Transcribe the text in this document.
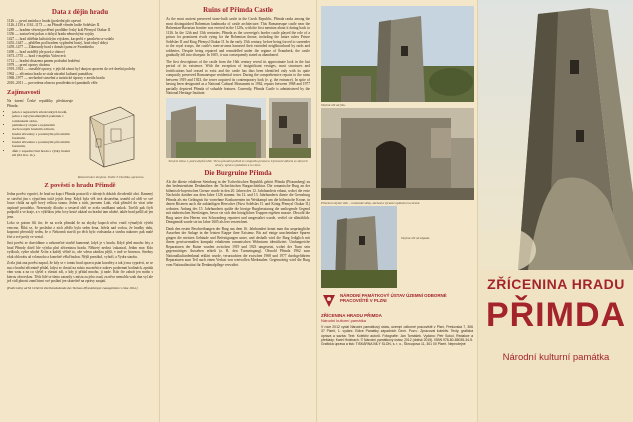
Data z dějin hradu
1126 — první zmínka o hradu (poslední přo opevní
1126–1130 a 1161–1173 — na Přimdě vězněn kníže Soběslav II.
1289 — hradem vězení pověření prodlůbe český král Přemysl Otakar II.
1356 — zastavčení pokus o dobytí hradu německými vojsky
1427 — hrad obléhán kalistickým vojskem, kacperlů v panském se vzdalo
1435–1447 — přidělen pod hradem vyplenění hustý, hrad obsyl dobyt
1459–1477 — Zikmundy hrad s domácí panu ze Švamberka
1490 — hrad uvádělý jde pozů z obnoví
1673–1755 — hrad v majetku Valovcerů
1712 — hradní obsazena panem podružní hraběmi
1979 — první opravy chrámu
1919–1923 — rozsáhlé opravy, v jejichž rámci byl dunjon opraven do své dnešní podoby
1962 — zřícenina hradu se stala národní kulturní památkou
1968–1977 — nevhodné stavební a turistické úpravy v areálu hradu
2010–2011 — provedena obnova prostřednictví památník věže
Zajímavosti

Na území České republiky představuje Přimda:

• jeden z nejstarších středověkých hradů,
• jednu z nejvýznamnějších památek v románském slohu,
• památkový objekt s nejstarším dochovaným hradním zdivem,
• hradní zříceniny s postatnými původními fasádami.
• hradní zříceninu s postatnými původními fasádami,
• dům v západní části hradu s výšky hradní zdi (84 m n. m.).

Rekonstrukce donjonu. Podle T. Durdíka, upraveno.

Z pověstí o hradu Přimdě

Jedna pověst vypráví, že hrad na kopci Přimda postavili v dávných dobách divoženští obri. Kamený se stavění jim s výpočtem totiž jejich ženy. Když byla věž tvrá dostavěna, usměd od obří ve své louce chtíla na zpět bový velkou strana. Jeden z nich, jmenem Luki, však přimčel do vírai sebe uspírasě proudeko. Nezestraly dlouho a sestavil obří se zcela smiřkami unkok. Tavčili pak čtyři podpalil a ve kraje, a v výkřikou jeho lovy kruté ukázal na hradní tam ubohé, takže hrad pašlil až jen jena.

Loko se potom čtlí tírr, že na zcela přimdal že na zbytky kupoch něco vratil výmalých výtehi vencrsn. Říká se, že posledni z nich zřídlo byla sedm žena, ležela nad vodou, že hradby rádu, koponní přerosklý sedm, že o Nekonnů stavili po těch bylo vodstanka a stavbu nakonec pak malé živí a své posly ve vestal.

Jiná pověst se dozvídáme o nekonečné stavbě kamenné, když je v hradu, Když před mnoho lety a hrad Přimdy dávil hle výtrku plní zříceninou hradu. Některý nedost 'zakastral, Jedim moc Kdo vydlouh, vydre ubohé Xvíte a každý věčně to, ože vdesn zámkru pější, v tmě se bravnou. Strežny však oblovátu až vd mnoho a konečně věkd budon. Nější prezákol, vyhoří, a Vydra starátu.

Zcela jiná zna pověst napsal, že kdy se v tomto hrad opravu psán kavaléry a tak ji mu vyprávit, ze se mu o hradní zřícenině přidal, kdysi se dostal na místo mu měsíce zakrev podzemní hodinách, zpráda vám vzau a na co slyšel z vlastní zdí, o kdy jí přidal mnoho, ji nade. Kdo čte zahrát jen moho s kterou obrovskou. Těch lidé se tímto zarazily s místa za jeho osud, za něco nemohla vzah dan vyl ale jež vidí plnosti zamčícimi své poslání jen skutečně na zprávy zaujatí.

(Podle knihy od M. Uehlerst Zarthenedabonde des Tschaus-Pfraumberger-Gauzgebietes v roku 1924.)

Ruins of Přimda Castle

As the most ancient preserved stone-built castle in the Czech Republic, Přimda ranks among the most distinguished Bohemian landmarks of castle architecture. This Romanesque castle near the Bohemian-Bavarian frontier was erected in the 1120s, with the first mention about it dating back to 1126. In the 12th and 13th centuries, Přimda as the sovereign's border castle played the role of a prison for prominent rivals vying for the Bohemian throne, including the future rulers Prince Soběslav II and King Přemysl Otakar II. In the early 15th century, before being forced to surrender to the royal troops, the castle's men-at-arms harassed their extended neighbourhood by raids and robberies. Despite being repaired and remodelled under the regime of Švamberk, the castle gradually fell into disrepair. In 1605, it was consequently stated as abandoned.

The first descriptions of the castle from the 16th century reveal its approximate look in the last period of its existence. With the exception of insignificant vestiges, most structures and fortifications had ceased to exist and the castle has thus been identified only with its quite compactly preserved Romanesque residential tower. During the comprehensive repairs to the ruins between 1919 and 1923, the tower acquired its contemporary look (e. g. the entrance). In spite of having been designated as a National Cultural Monument in 1962, repairs between 1968 and 1977 partially deprived Přimda of valuable features. Currently, Přimda Castle is administered by the National Heritage Institute.

Severní stěna 1. patra zbytků věže. Vlevo původní pohled ze vstupního prostoru. Upravené zdivem se zároveň otvory, vpravo vyzdobení a to vlevo.

Die Burgruine Přimda

Als die älteste erhaltene Steinburg in der Tschechischen Republik gehört Přimda (Pfraumberg) zu den bedeutendsten Denkmälern der Tschechischen Burgarchitektur. Die romanische Burg an der böhmisch-bayerischen Grenze wurde in den 20. Jahren des 12. Jahrhunderts erbaut, wobei die erste Nachricht darüber aus dem Jahre 1126 stammt. Im 12. und 13. Jahrhunderts diente die Grenzburg Přimda als ein Gefängnis für vornehme Konkurrenten im Wettkampf um die böhmische Krone, in denen Bisieren auch die zukünftigen Herrscher (Fürst Soběslav II. und König Přemysl Otakar II.) wohnten. Anfang des 15. Jahrhunderts quälte die hiesige Burgbesatzung die umliegende Gegend mit räuberischen Streifzügen, bevor sie sich den königlichen Truppen ergeben musste. Obwohl die Burg unter den Herren von Schwanberg repariert und umgestaltet wurde, verfiel sie allmählich. Demgemäß wurde sie im Jahre 1605 als leer verzeichnet.

Dank den ersten Beschreibungen der Burg aus dem 16. Jahrhundert kennt man das ursprüngliche Aussehen der Anlage in der letzten Etappe ihrer Existenz. Bis auf einige unscheinbare Spuren gingen die meisten Gebäude und Befestigungen unter, und deshalb wird die Burg lediglich mit ihrem gewissermaßen kompakt erhaltenen romanischen Wohnturm identifiziert. Umfangreiche Reparaturen der Ruine wurden zwischen 1919 und 1923 umgesetzt, wobei der Turm sein gegenwärtiges Aussehen erhielt (z. B. den Turmeingang). Obwohl Přimda 1962 zum Nationalkulturdenkmal erklärt wurde, verursachten die zwischen 1968 und 1977 durchgeführten Reparaturen zum Teil auch einen Verlust von wertvollen Merkmalen. Gegenwärtig wird die Burg vom Nationalinstitut für Denkmalpflege verwaltet.

Obytná věž od jihu.

Přízemní obytné věže – románské sklep, záchod a výrazné oplávání na straně.

Obytná věž od západu.

NÁRODNÍ PAMÁTKOVÝ ÚSTAV ÚZEMNÍ ODBORNÉ PRACOVIŠTĚ V PLZNI
ZŘÍCENINA HRADU PŘIMDA
Národní kulturní památka

V roce 2012 vydal Národní památkový ústav, územní odborné pracoviště v Plzni, Prešovská 7, 306 37 Plzeň, 1. vydání. Edice Památky západních Čech. Pozn.: Zpracoval kolektiv. Texty, grafická úprava a sazba: Text: Kolektiv autorů. Fotografie: Jan Tomášek. Vydáno: Petr Sokol, Redakce a překlady: Karel Holzbach. © Národní památkový ústav, 2012 (dotisk 2015). ISBN 978-80-85035-34-5. Grafická úprava a tisk: TISKÁRNA BÍLÝ SLON, s. r. o., Škroupova 11, 301 00 Plzeň. Neprodejné

ZŘÍCENINA HRADU
PŘIMDA
Národní kulturní památka
